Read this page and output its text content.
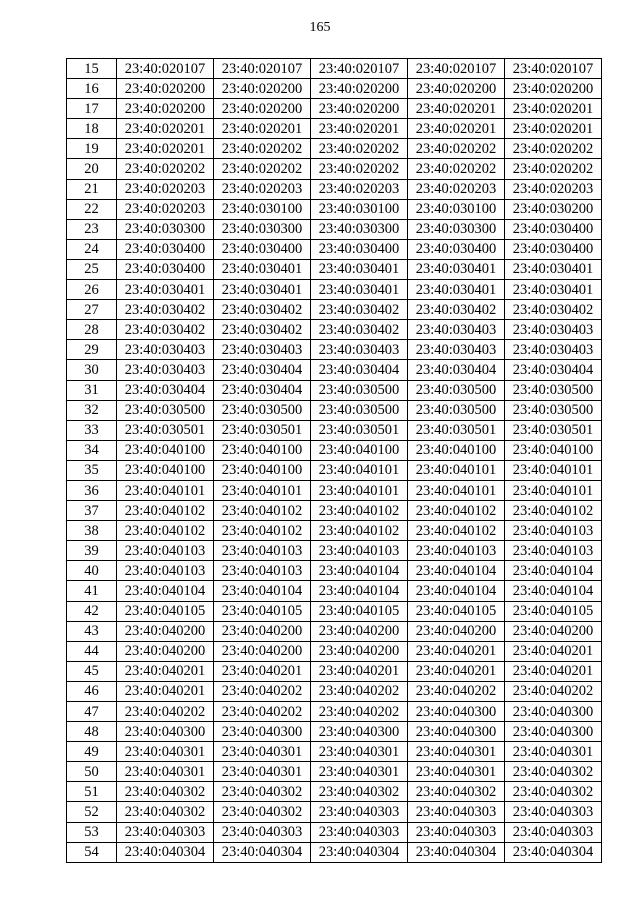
165
15	23:40:020107	23:40:020107	23:40:020107	23:40:020107	23:40:020107
16	23:40:020200	23:40:020200	23:40:020200	23:40:020200	23:40:020200
17	23:40:020200	23:40:020200	23:40:020200	23:40:020201	23:40:020201
18	23:40:020201	23:40:020201	23:40:020201	23:40:020201	23:40:020201
19	23:40:020201	23:40:020202	23:40:020202	23:40:020202	23:40:020202
20	23:40:020202	23:40:020202	23:40:020202	23:40:020202	23:40:020202
21	23:40:020203	23:40:020203	23:40:020203	23:40:020203	23:40:020203
22	23:40:020203	23:40:030100	23:40:030100	23:40:030100	23:40:030200
23	23:40:030300	23:40:030300	23:40:030300	23:40:030300	23:40:030400
24	23:40:030400	23:40:030400	23:40:030400	23:40:030400	23:40:030400
25	23:40:030400	23:40:030401	23:40:030401	23:40:030401	23:40:030401
26	23:40:030401	23:40:030401	23:40:030401	23:40:030401	23:40:030401
27	23:40:030402	23:40:030402	23:40:030402	23:40:030402	23:40:030402
28	23:40:030402	23:40:030402	23:40:030402	23:40:030403	23:40:030403
29	23:40:030403	23:40:030403	23:40:030403	23:40:030403	23:40:030403
30	23:40:030403	23:40:030404	23:40:030404	23:40:030404	23:40:030404
31	23:40:030404	23:40:030404	23:40:030500	23:40:030500	23:40:030500
32	23:40:030500	23:40:030500	23:40:030500	23:40:030500	23:40:030500
33	23:40:030501	23:40:030501	23:40:030501	23:40:030501	23:40:030501
34	23:40:040100	23:40:040100	23:40:040100	23:40:040100	23:40:040100
35	23:40:040100	23:40:040100	23:40:040101	23:40:040101	23:40:040101
36	23:40:040101	23:40:040101	23:40:040101	23:40:040101	23:40:040101
37	23:40:040102	23:40:040102	23:40:040102	23:40:040102	23:40:040102
38	23:40:040102	23:40:040102	23:40:040102	23:40:040102	23:40:040103
39	23:40:040103	23:40:040103	23:40:040103	23:40:040103	23:40:040103
40	23:40:040103	23:40:040103	23:40:040104	23:40:040104	23:40:040104
41	23:40:040104	23:40:040104	23:40:040104	23:40:040104	23:40:040104
42	23:40:040105	23:40:040105	23:40:040105	23:40:040105	23:40:040105
43	23:40:040200	23:40:040200	23:40:040200	23:40:040200	23:40:040200
44	23:40:040200	23:40:040200	23:40:040200	23:40:040201	23:40:040201
45	23:40:040201	23:40:040201	23:40:040201	23:40:040201	23:40:040201
46	23:40:040201	23:40:040202	23:40:040202	23:40:040202	23:40:040202
47	23:40:040202	23:40:040202	23:40:040202	23:40:040300	23:40:040300
48	23:40:040300	23:40:040300	23:40:040300	23:40:040300	23:40:040300
49	23:40:040301	23:40:040301	23:40:040301	23:40:040301	23:40:040301
50	23:40:040301	23:40:040301	23:40:040301	23:40:040301	23:40:040302
51	23:40:040302	23:40:040302	23:40:040302	23:40:040302	23:40:040302
52	23:40:040302	23:40:040302	23:40:040303	23:40:040303	23:40:040303
53	23:40:040303	23:40:040303	23:40:040303	23:40:040303	23:40:040303
54	23:40:040304	23:40:040304	23:40:040304	23:40:040304	23:40:040304
